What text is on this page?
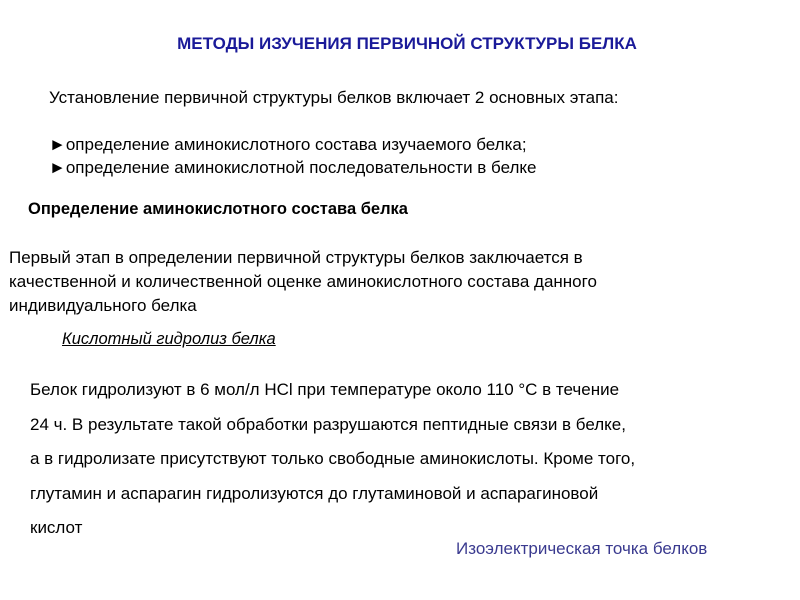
МЕТОДЫ ИЗУЧЕНИЯ ПЕРВИЧНОЙ СТРУКТУРЫ БЕЛКА
Установление первичной структуры белков включает 2 основных этапа:
►определение аминокислотного состава изучаемого белка;
►определение аминокислотной последовательности в белке
Определение аминокислотного состава белка
Первый этап в определении первичной структуры белков заключается в
качественной и количественной оценке аминокислотного состава данного
индивидуального белка
Кислотный гидролиз белка
Белок гидролизуют в 6 мол/л HCl при температуре около 110 °С в течение
24 ч. В результате такой обработки разрушаются пептидные связи в белке,
а в гидролизате присутствуют только свободные аминокислоты. Кроме того,
глутамин и аспарагин гидролизуются до глутаминовой и аспарагиновой
кислот
Изоэлектрическая точка белков
